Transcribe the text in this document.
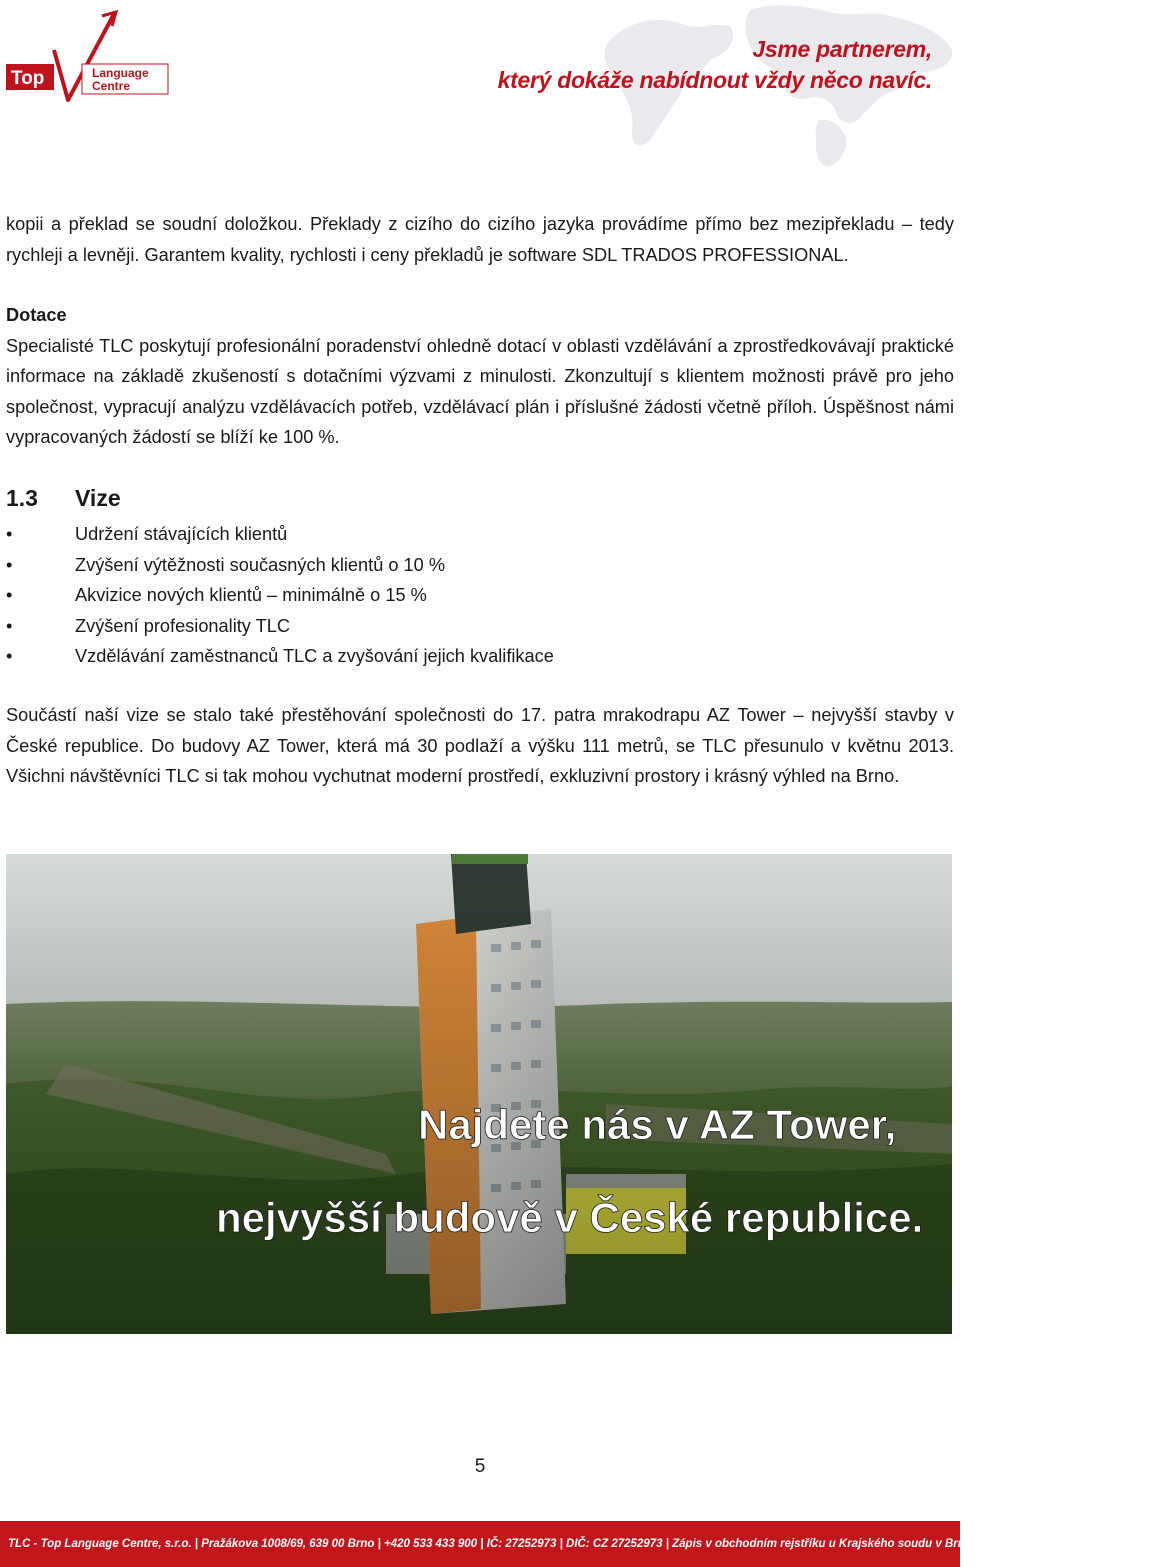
Top	Language
Centre
Jsme partnerem,
který dokáže nabídnout vždy něco navíc.
kopii a překlad se soudní doložkou. Překlady z cizího do cizího jazyka provádíme přímo bez mezipřekladu – tedy rychleji a levněji. Garantem kvality, rychlosti i ceny překladů je software SDL TRADOS PROFESSIONAL.
Dotace
Specialisté TLC poskytují profesionální poradenství ohledně dotací v oblasti vzdělávání a zprostředkovávají praktické informace na základě zkušeností s dotačními výzvami z minulosti. Zkonzultují s klientem možnosti právě pro jeho společnost, vypracují analýzu vzdělávacích potřeb, vzdělávací plán i příslušné žádosti včetně příloh. Úspěšnost námi vypracovaných žádostí se blíží ke 100 %.
1.3 Vize
•	Udržení stávajících klientů
•	Zvýšení výtěžnosti současných klientů o 10 %
•	Akvizice nových klientů – minimálně o 15 %
•	Zvýšení profesionality TLC
•	Vzdělávání zaměstnanců TLC a zvyšování jejich kvalifikace
Součástí naší vize se stalo také přestěhování společnosti do 17. patra mrakodrapu AZ Tower – nejvyšší stavby v České republice. Do budovy AZ Tower, která má 30 podlaží a výšku 111 metrů, se TLC přesunulo v květnu 2013. Všichni návštěvníci TLC si tak mohou vychutnat moderní prostředí, exkluzivní prostory i krásný výhled na Brno.
Najdete nás v AZ Tower,
nejvyšší budově v České republice.
5
TLC - Top Language Centre, s.r.o. | Pražákova 1008/69, 639 00 Brno | +420 533 433 900 | IČ: 27252973 | DIČ: CZ 27252973 | Zápis v obchodním rejstříku u Krajského soudu v Brně, oddíl C, vložka 51914 | www.tlc.cz
